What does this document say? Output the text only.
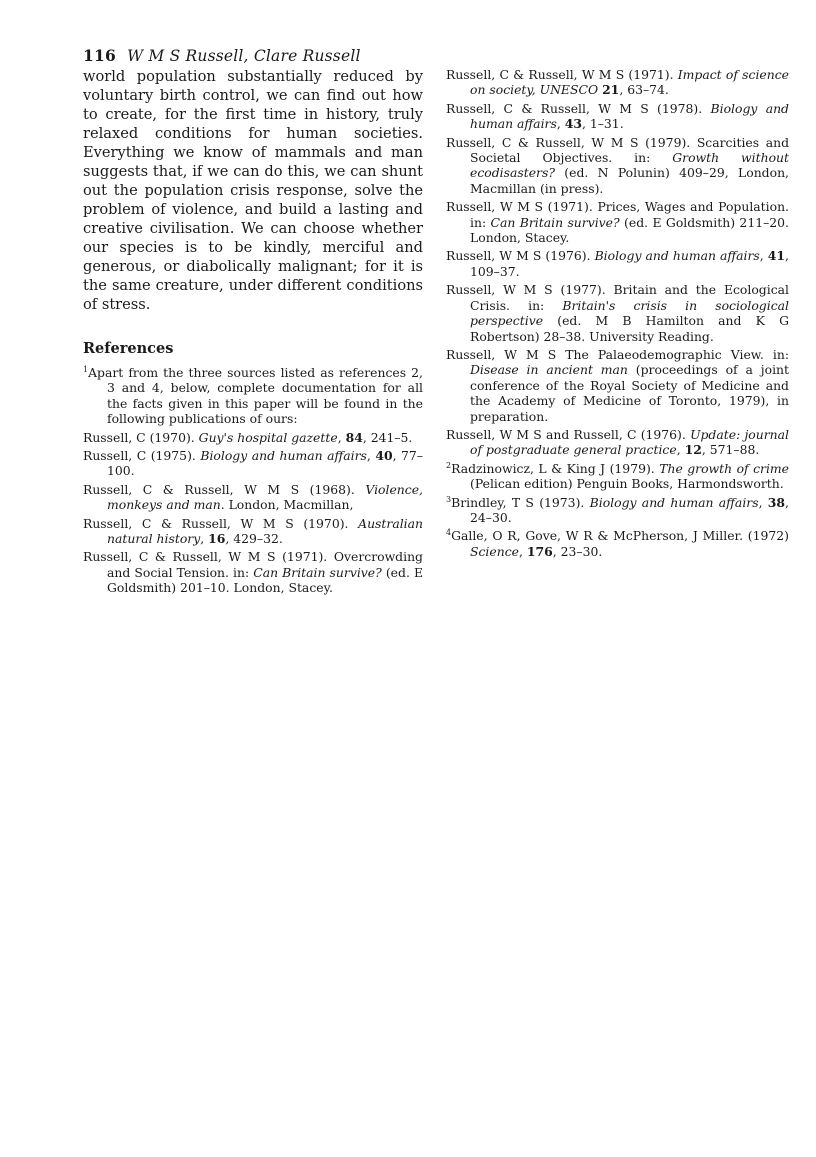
116 W M S Russell, Clare Russell

world population substantially reduced by voluntary birth control, we can find out how to create, for the first time in history, truly relaxed conditions for human societies. Everything we know of mammals and man suggests that, if we can do this, we can shunt out the population crisis response, solve the problem of violence, and build a lasting and creative civilisation. We can choose whether our species is to be kindly, merciful and generous, or diabolically malignant; for it is the same creature, under different conditions of stress.

References

$^1$Apart from the three sources listed as references 2, 3 and 4, below, complete documentation for all the facts given in this paper will be found in the following publications of ours:

Russell, C (1970). Guy's hospital gazette, 84, 241–5.

Russell, C (1975). Biology and human affairs, 40, 77–100.

Russell, C & Russell, W M S (1968). Violence, monkeys and man. London, Macmillan,

Russell, C & Russell, W M S (1970). Australian natural history, 16, 429–32.

Russell, C & Russell, W M S (1971). Overcrowding and Social Tension. in: Can Britain survive? (ed. E Goldsmith) 201–10. London, Stacey.

Russell, C & Russell, W M S (1971). Impact of science on society, UNESCO 21, 63–74.

Russell, C & Russell, W M S (1978). Biology and human affairs, 43, 1–31.

Russell, C & Russell, W M S (1979). Scarcities and Societal Objectives. in: Growth without ecodisasters? (ed. N Polunin) 409–29, London, Macmillan (in press).

Russell, W M S (1971). Prices, Wages and Population. in: Can Britain survive? (ed. E Goldsmith) 211–20. London, Stacey.

Russell, W M S (1976). Biology and human affairs, 41, 109–37.

Russell, W M S (1977). Britain and the Ecological Crisis. in: Britain's crisis in sociological perspective (ed. M B Hamilton and K G Robertson) 28–38. University Reading.

Russell, W M S The Palaeodemographic View. in: Disease in ancient man (proceedings of a joint conference of the Royal Society of Medicine and the Academy of Medicine of Toronto, 1979), in preparation.

Russell, W M S and Russell, C (1976). Update: journal of postgraduate general practice, 12, 571–88.

$^2$Radzinowicz, L & King J (1979). The growth of crime (Pelican edition) Penguin Books, Harmondsworth.

$^3$Brindley, T S (1973). Biology and human affairs, 38, 24–30.

$^4$Galle, O R, Gove, W R & McPherson, J Miller. (1972) Science, 176, 23–30.
